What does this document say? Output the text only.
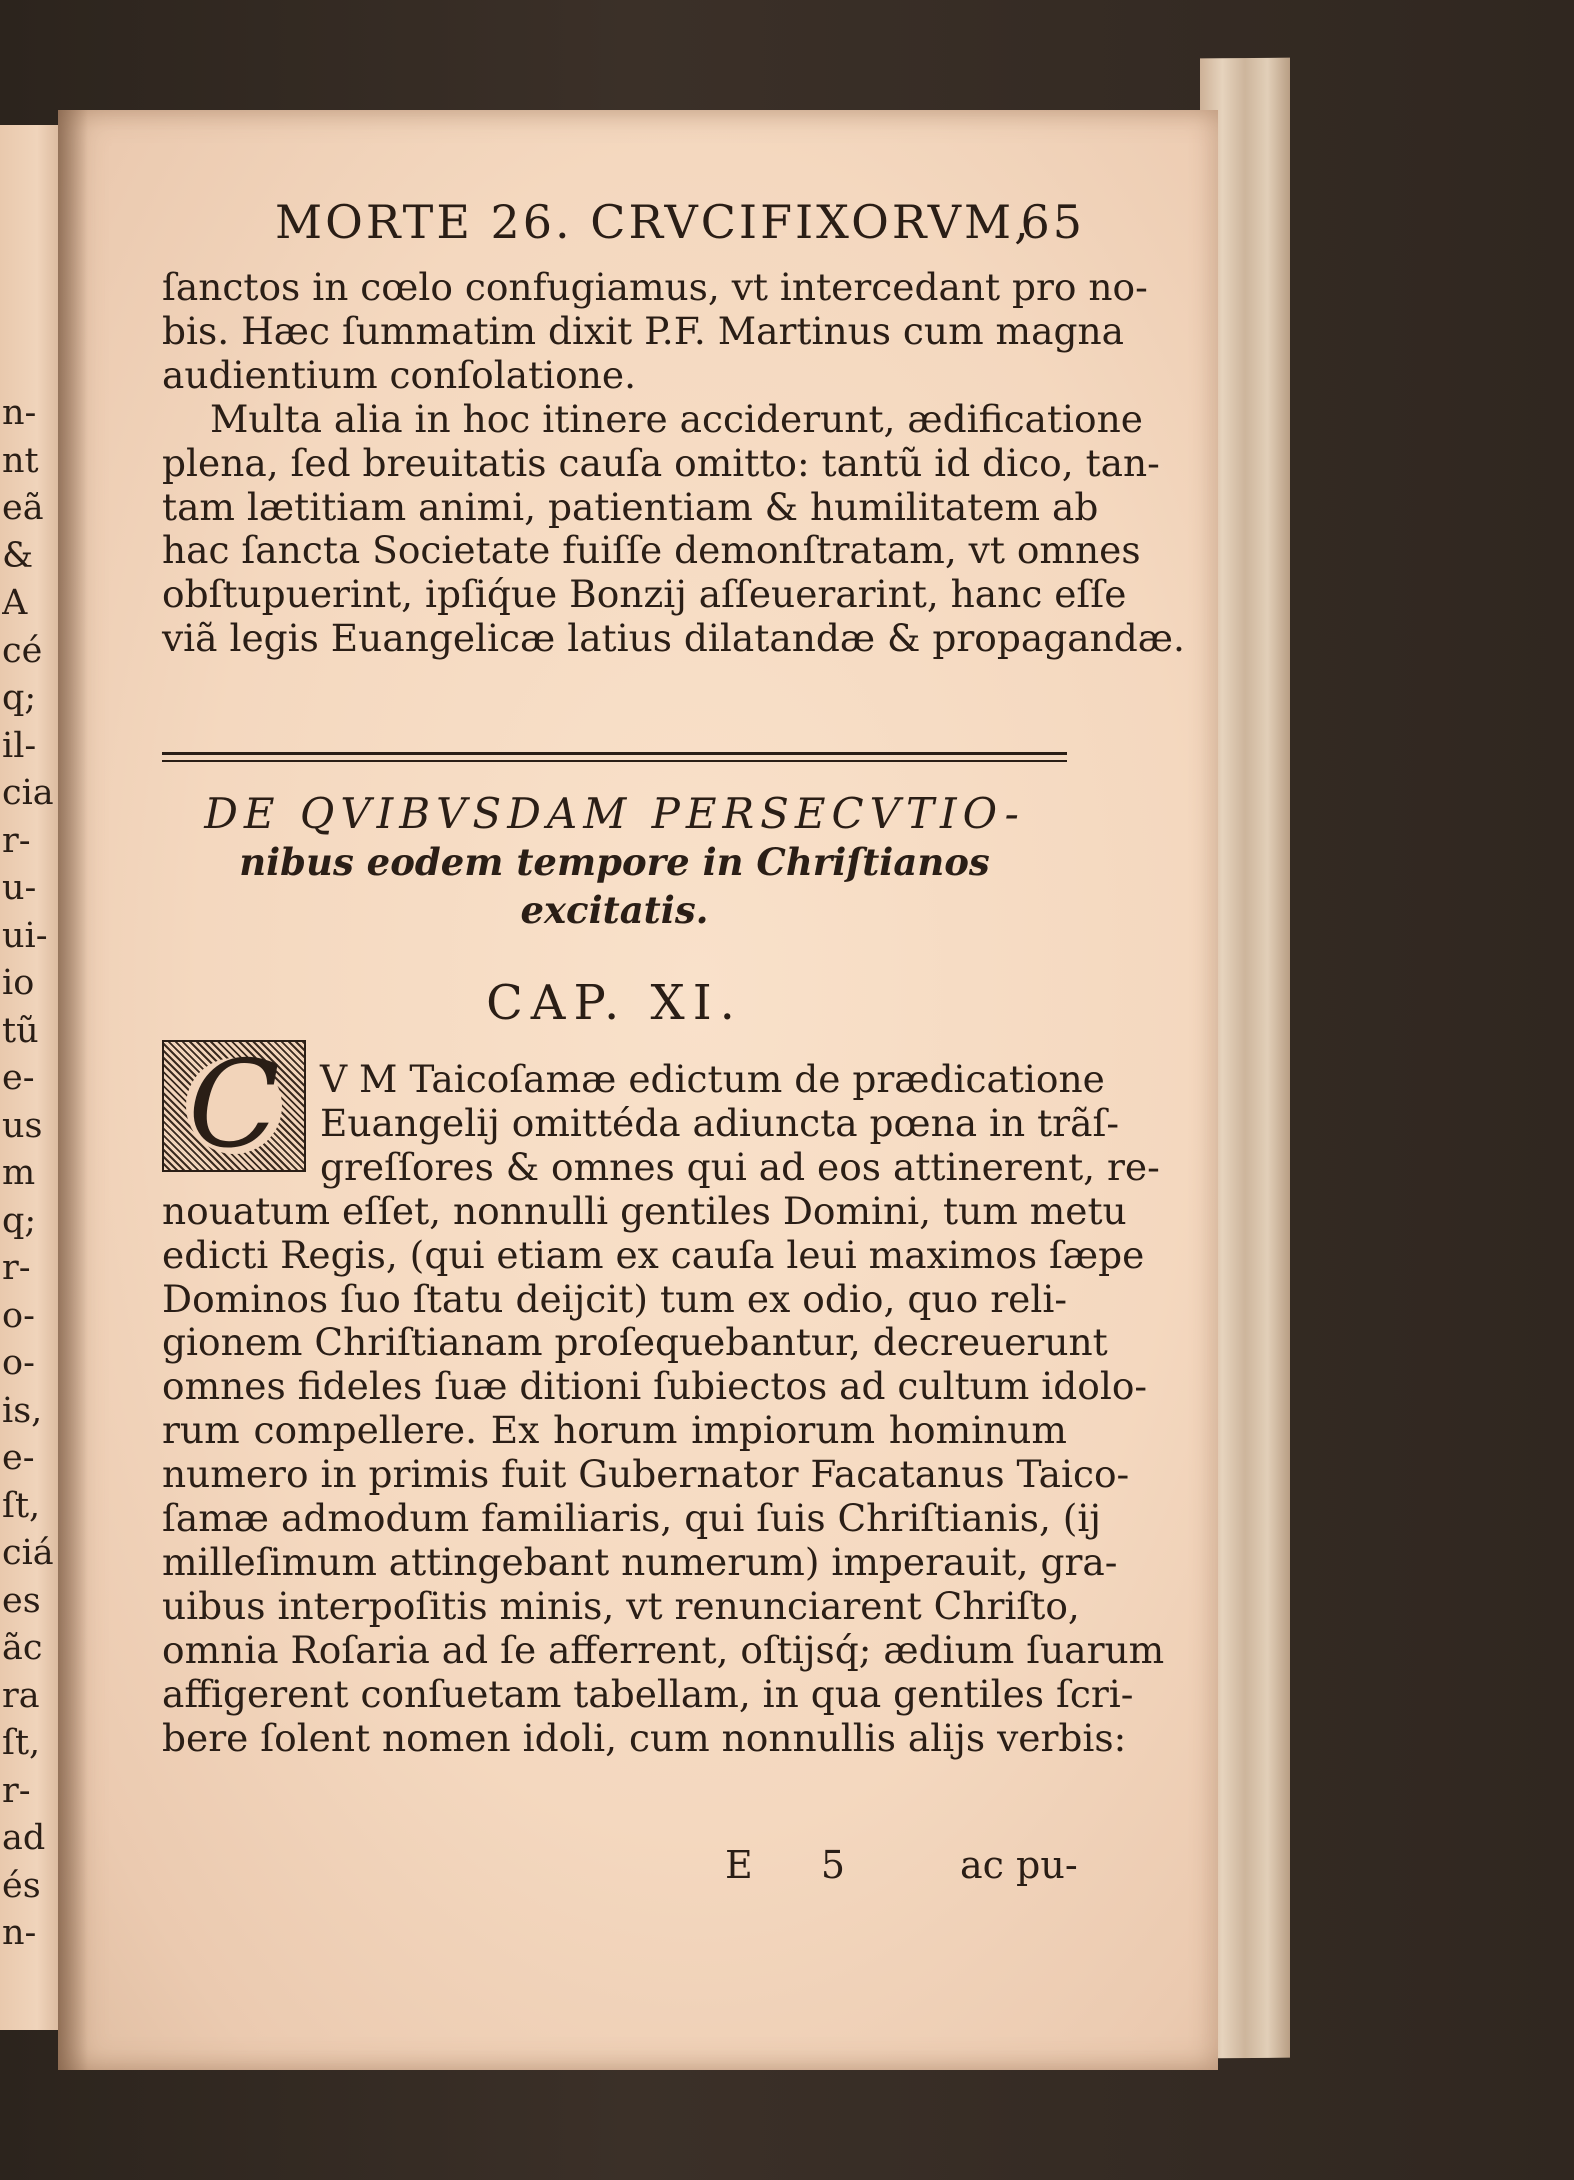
n-
nt
eã
&
A
cé
q;
il-
cia
r-
u-
ui-
io
tũ
e-
us
m
q;
r-
o-
o-
is,
e-
ſt,
ciá
es
ãc
ra
ſt,
r-
ad
és
n-
MORTE 26. CRVCIFIXORVM,
65
ſanctos in cœlo confugiamus, vt intercedant pro no-
bis. Hæc ſummatim dixit P.F. Martinus cum magna
audientium conſolatione.
Multa alia in hoc itinere acciderunt, ædificatione
plena, ſed breuitatis cauſa omitto: tantũ id dico, tan-
tam lætitiam animi, patientiam & humilitatem ab
hac ſancta Societate fuiſſe demonſtratam, vt omnes
obſtupuerint, ipſiq́ue Bonzij aſſeuerarint, hanc eſſe
viã legis Euangelicæ latius dilatandæ & propagandæ.
DE QVIBVSDAM PERSECVTIO-
nibus eodem tempore in Chriſtianos
excitatis.
CAP. XI.
C	V M Taicoſamæ edictum de prædicatione
Euangelij omittéda adiuncta pœna in trãſ-
greſſores & omnes qui ad eos attinerent, re-
nouatum eſſet, nonnulli gentiles Domini, tum metu
edicti Regis, (qui etiam ex cauſa leui maximos ſæpe
Dominos ſuo ſtatu deijcit) tum ex odio, quo reli-
gionem Chriſtianam proſequebantur, decreuerunt
omnes fideles ſuæ ditioni ſubiectos ad cultum idolo-
rum compellere. Ex horum impiorum hominum
numero in primis fuit Gubernator Facatanus Taico-
ſamæ admodum familiaris, qui ſuis Chriſtianis, (ij
milleſimum attingebant numerum) imperauit, gra-
uibus interpoſitis minis, vt renunciarent Chriſto,
omnia Roſaria ad ſe afferrent, oſtijsq́; ædium ſuarum
affigerent conſuetam tabellam, in qua gentiles ſcri-
bere ſolent nomen idoli, cum nonnullis alijs verbis:
E 5 ac pu-
